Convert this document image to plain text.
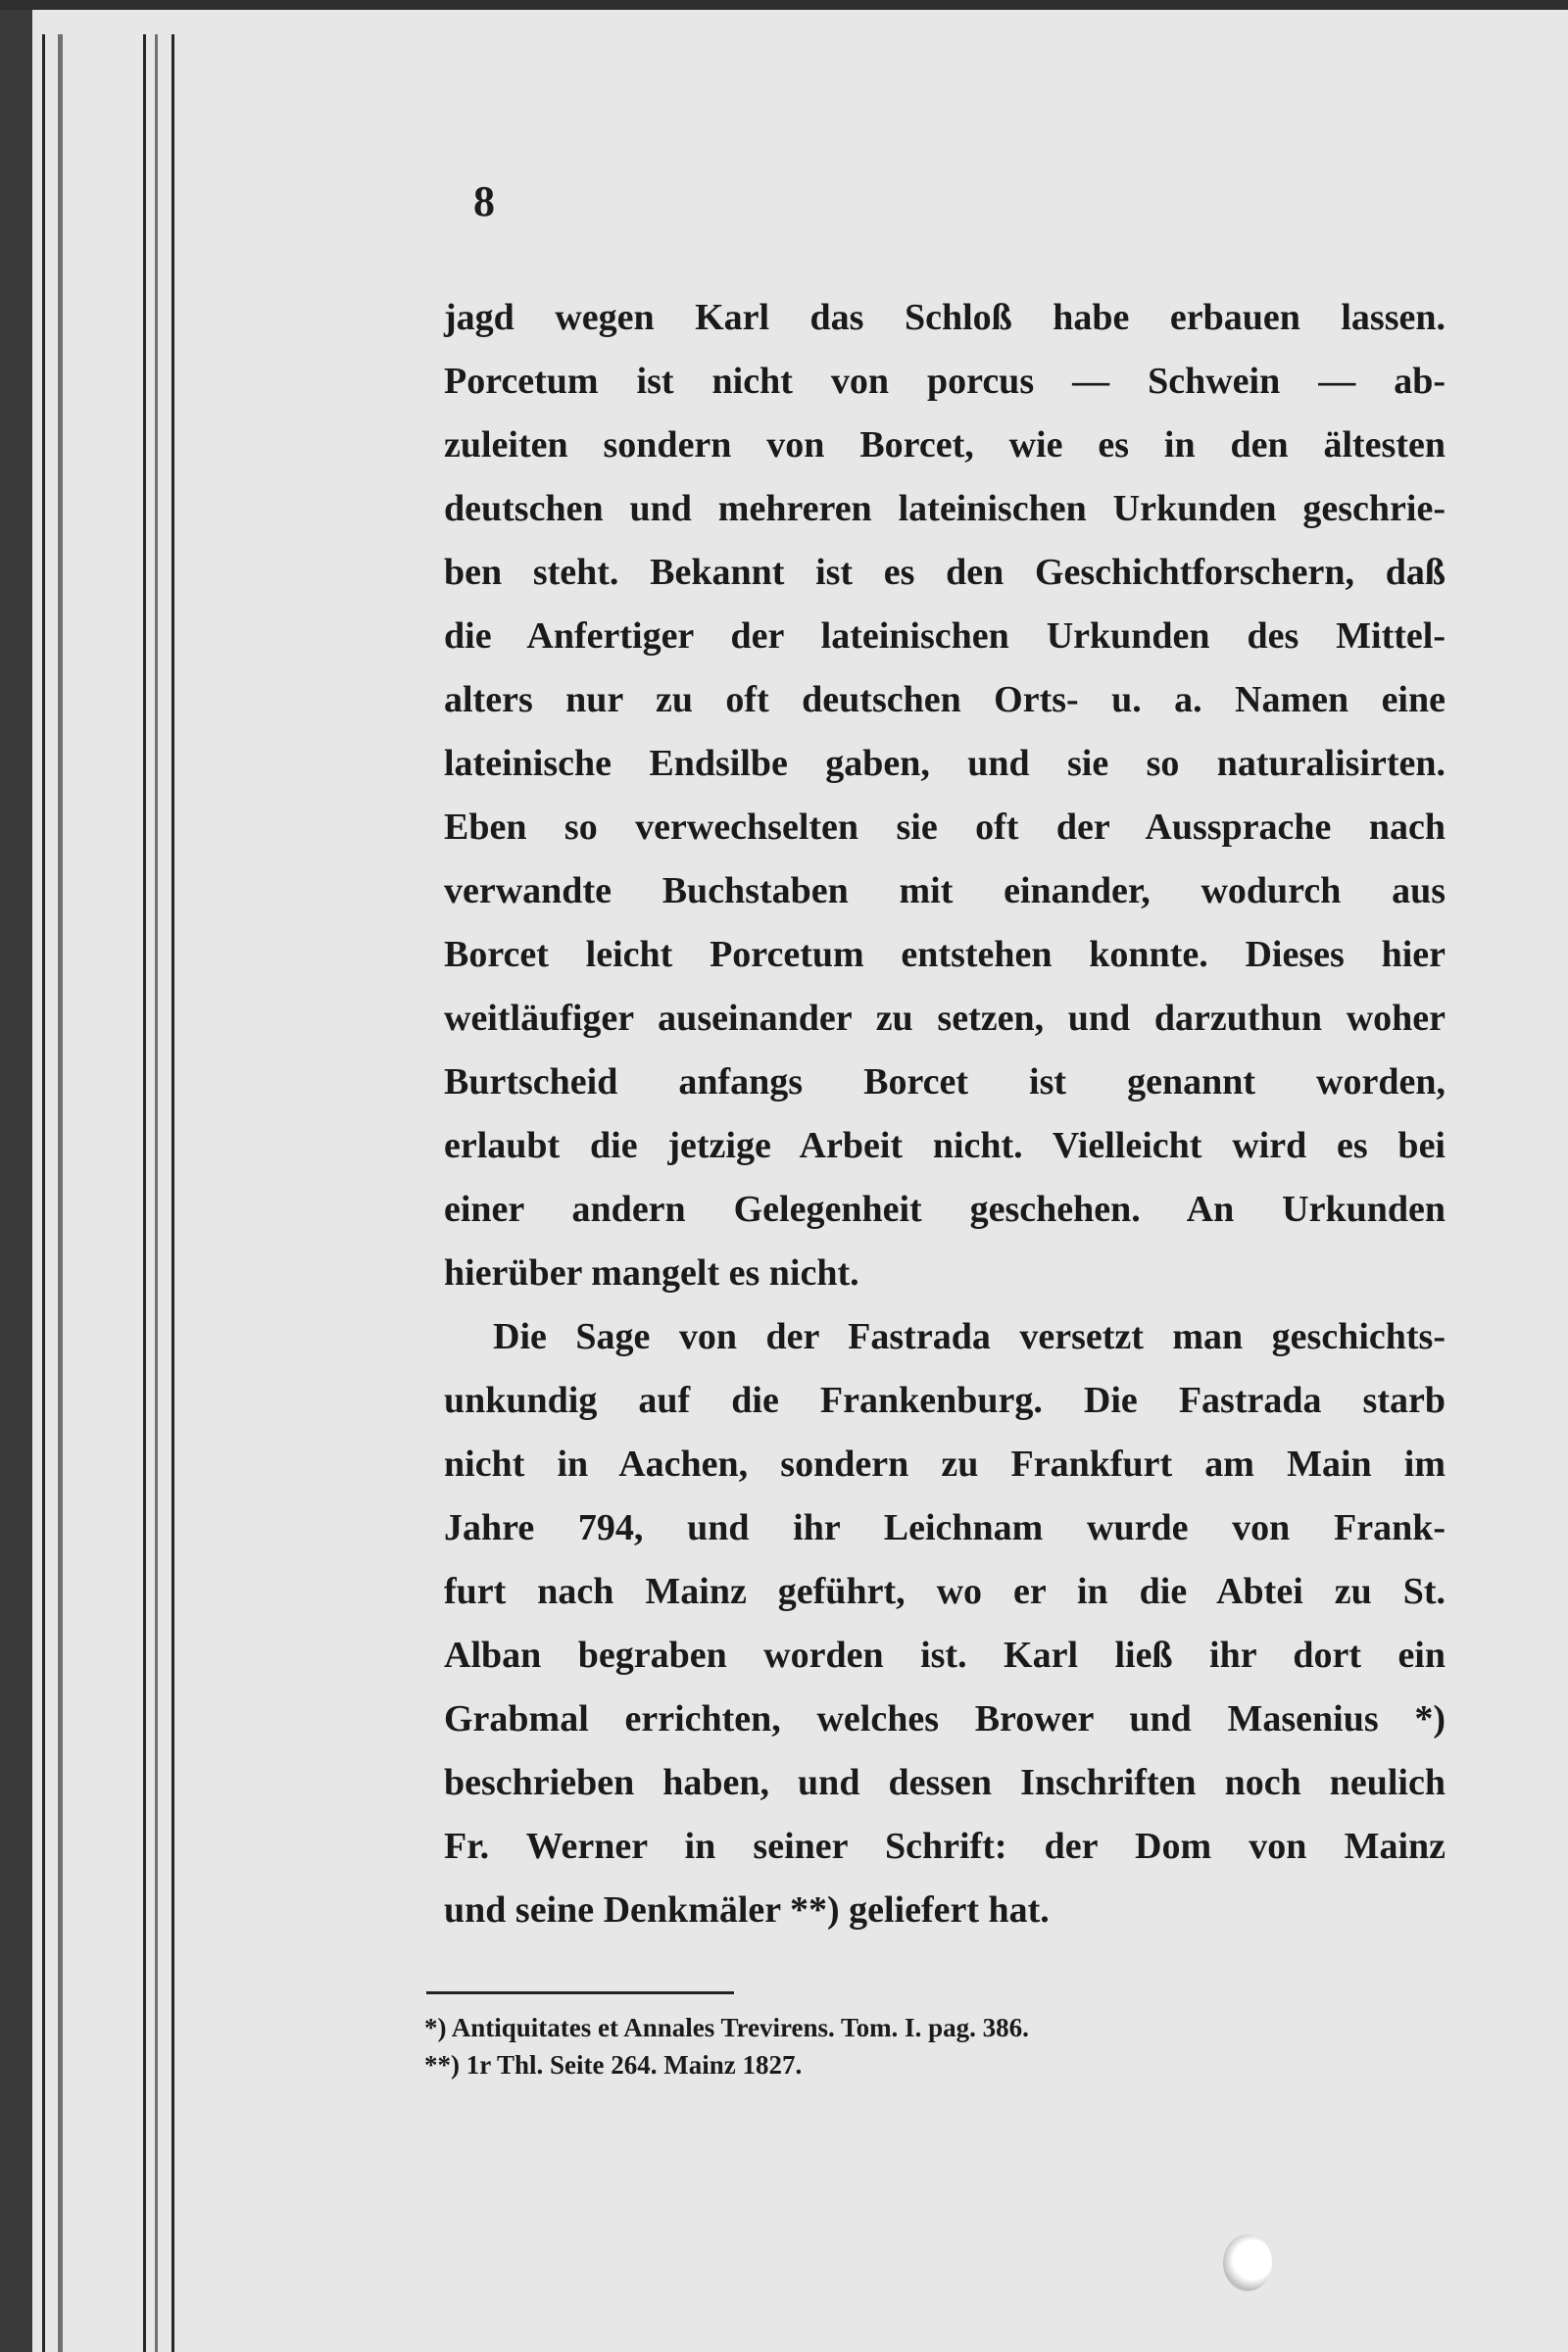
8
jagd wegen Karl das Schloß habe erbauen lassen.
Porcetum ist nicht von porcus — Schwein — ab-
zuleiten sondern von Borcet, wie es in den ältesten
deutschen und mehreren lateinischen Urkunden geschrie-
ben steht. Bekannt ist es den Geschichtforschern, daß
die Anfertiger der lateinischen Urkunden des Mittel-
alters nur zu oft deutschen Orts- u. a. Namen eine
lateinische Endsilbe gaben, und sie so naturalisirten.
Eben so verwechselten sie oft der Aussprache nach
verwandte Buchstaben mit einander, wodurch aus
Borcet leicht Porcetum entstehen konnte. Dieses hier
weitläufiger auseinander zu setzen, und darzuthun woher
Burtscheid anfangs Borcet ist genannt worden,
erlaubt die jetzige Arbeit nicht. Vielleicht wird es bei
einer andern Gelegenheit geschehen. An Urkunden
hierüber mangelt es nicht.
Die Sage von der Fastrada versetzt man geschichts-
unkundig auf die Frankenburg. Die Fastrada starb
nicht in Aachen, sondern zu Frankfurt am Main im
Jahre 794, und ihr Leichnam wurde von Frank-
furt nach Mainz geführt, wo er in die Abtei zu St.
Alban begraben worden ist. Karl ließ ihr dort ein
Grabmal errichten, welches Brower und Masenius *)
beschrieben haben, und dessen Inschriften noch neulich
Fr. Werner in seiner Schrift: der Dom von Mainz
und seine Denkmäler **) geliefert hat.
*) Antiquitates et Annales Trevirens. Tom. I. pag. 386.
**) 1r Thl. Seite 264. Mainz 1827.
